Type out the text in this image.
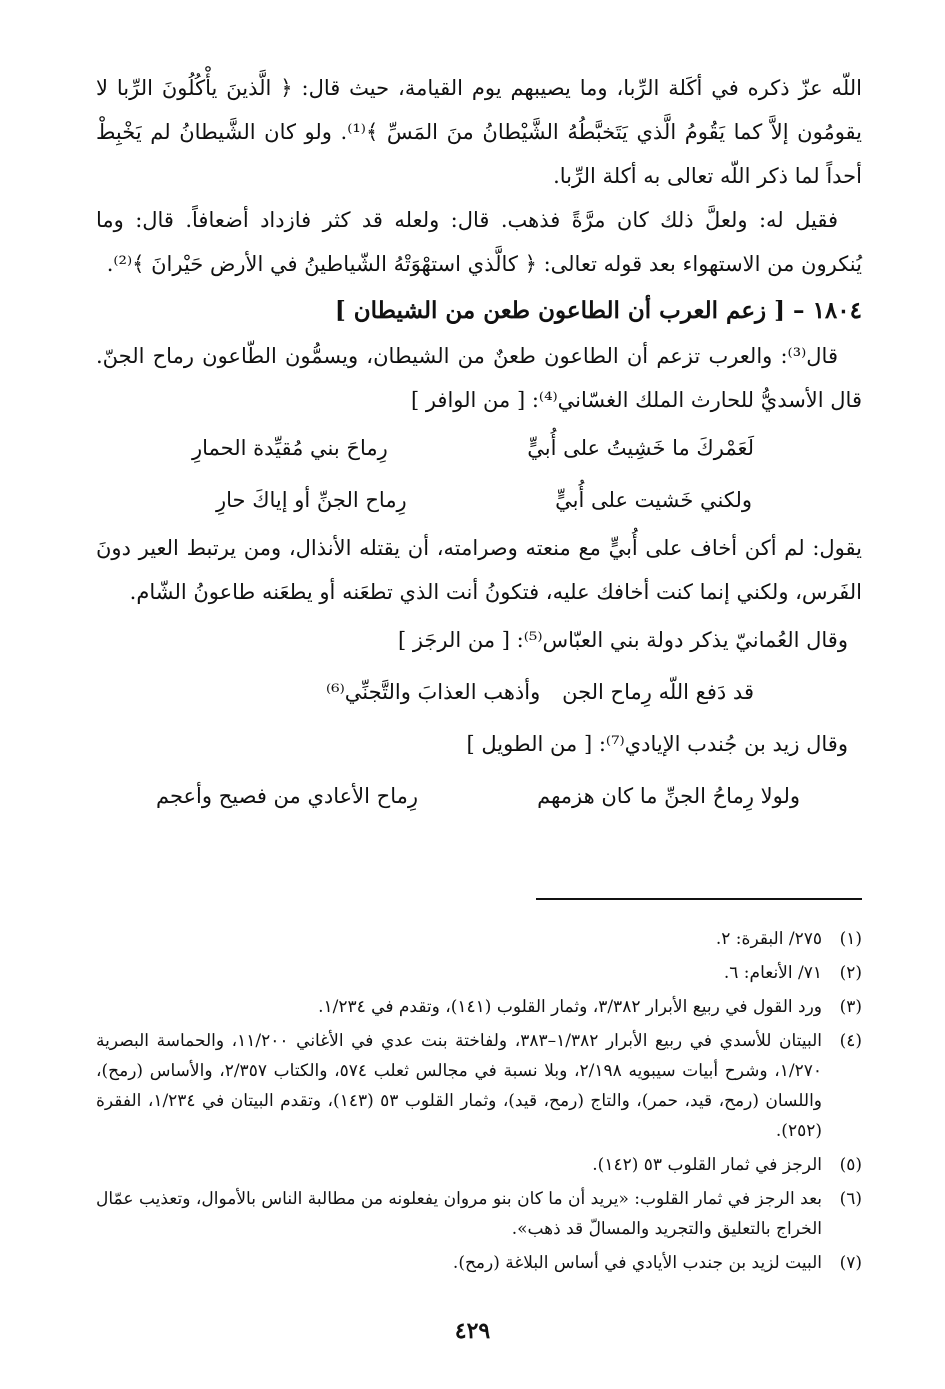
اللّه عزّ ذكره في أكَلة الرِّبا، وما يصيبهم يوم القيامة، حيث قال: ﴿ الَّذينَ يأْكُلُونَ الرِّبا لا يقومُون إلاَّ كما يَقُومُ الَّذي يَتَخبَّطُهُ الشَّيْطانُ منَ المَسِّ ﴾⁽¹⁾. ولو كان الشَّيطانُ لم يَخْبِطْ أحداً لما ذكر اللّه تعالى به أكلة الرِّبا.

فقيل له: ولعلَّ ذلك كان مرَّةً فذهب. قال: ولعله قد كثر فازداد أضعافاً. قال: وما يُنكرون من الاستهواء بعد قوله تعالى: ﴿ كالَّذي استهْوَتْهُ الشّياطينُ في الأرض حَيْرانَ ﴾⁽²⁾.

١٨٠٤ – [ زعم العرب أن الطاعون طعن من الشيطان ]

قال⁽³⁾: والعرب تزعم أن الطاعون طعنٌ من الشيطان، ويسمُّون الطّاعون رماح الجنّ. قال الأسديُّ للحارث الملك الغسّاني⁽⁴⁾: [ من الوافر ]

لَعَمْركَ ما خَشِيتُ على أُبيٍّ
رِماحَ بني مُقيِّدة الحمارِ
ولكني خَشيت على أُبيٍّ
رِماح الجنِّ أو إياكَ حارِ

يقول: لم أكن أخاف على أُبيٍّ مع منعته وصرامته، أن يقتله الأنذال، ومن يرتبط العير دونَ الفَرس، ولكني إنما كنت أخافك عليه، فتكونُ أنت الذي تطعَنه أو يطعَنه طاعونُ الشّام.

وقال العُمانيّ يذكر دولة بني العبّاس⁽⁵⁾: [ من الرجَز ]
قد دَفع اللّه رِماح الجن
وأذهب العذابَ والتَّجنِّي⁽⁶⁾
وقال زيد بن جُندب الإيادي⁽⁷⁾: [ من الطويل ]
ولولا رِماحُ الجنِّ ما كان هزمهم
رِماح الأعادي من فصيح وأعجم
(١)
٢٧٥/ البقرة: ٢.
(٢)
٧١/ الأنعام: ٦.
(٣)
ورد القول في ربيع الأبرار ٣/٣٨٢، وثمار القلوب (١٤١)، وتقدم في ١/٢٣٤.
(٤)
البيتان للأسدي في ربيع الأبرار ١/٣٨٢–٣٨٣، ولفاختة بنت عدي في الأغاني ١١/٢٠٠، والحماسة البصرية ١/٢٧٠، وشرح أبيات سيبويه ٢/١٩٨، وبلا نسبة في مجالس ثعلب ٥٧٤، والكتاب ٢/٣٥٧، والأساس (رمح)، واللسان (رمح، قيد، حمر)، والتاج (رمح، قيد)، وثمار القلوب ٥٣ (١٤٣)، وتقدم البيتان في ١/٢٣٤، الفقرة (٢٥٢).
(٥)
الرجز في ثمار القلوب ٥٣ (١٤٢).
(٦)
بعد الرجز في ثمار القلوب: «يريد أن ما كان بنو مروان يفعلونه من مطالبة الناس بالأموال، وتعذيب عمّال الخراج بالتعليق والتجريد والمسالّ قد ذهب».
(٧)
البيت لزيد بن جندب الأيادي في أساس البلاغة (رمح).
٤٢٩
